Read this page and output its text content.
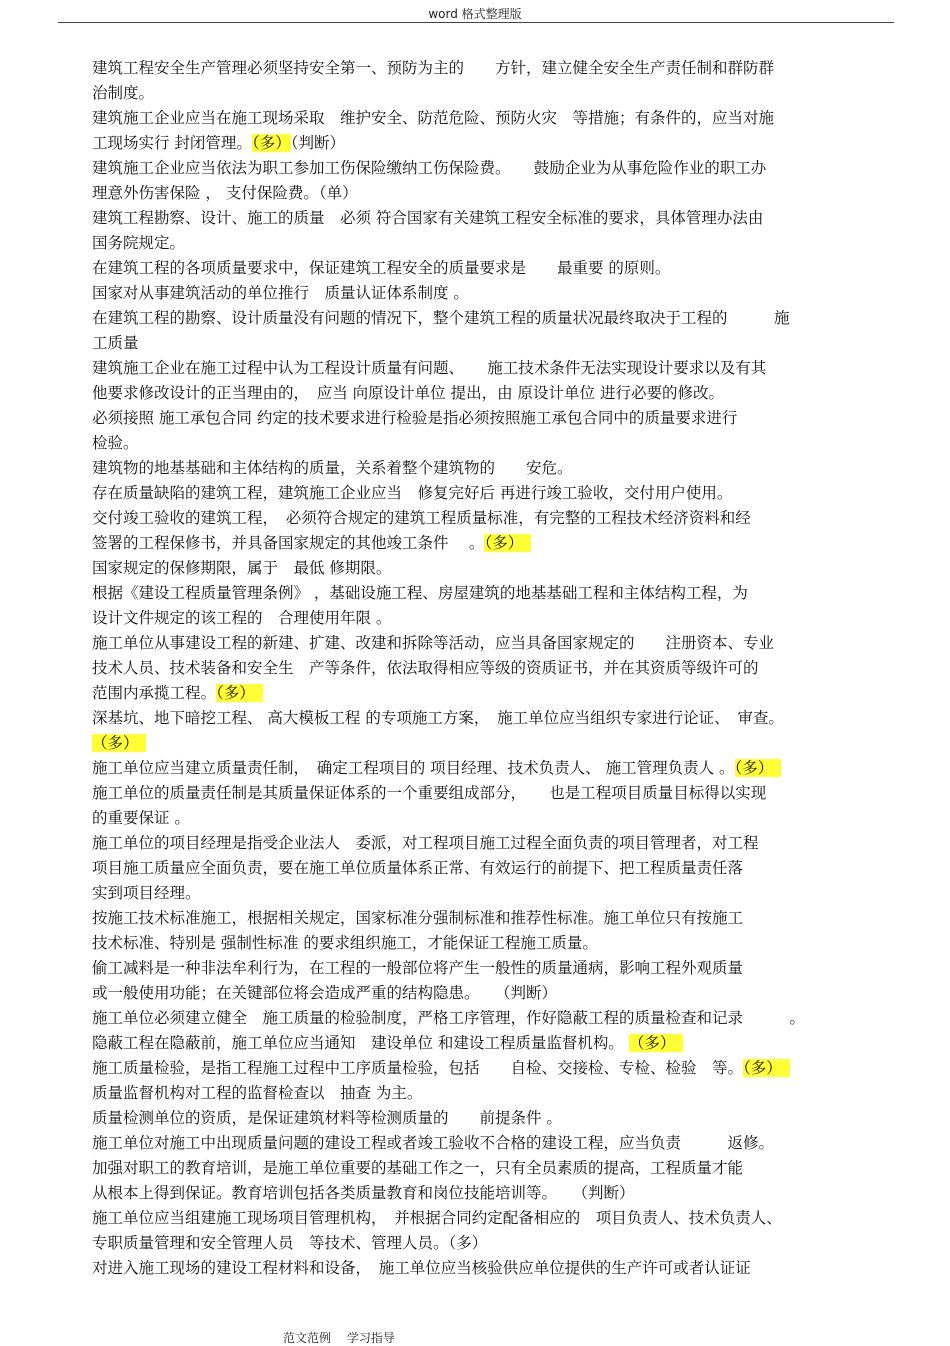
word 格式整理版
建筑工程安全生产管理必须坚持安全第一、预防为主的　　方针，建立健全安全生产责任制和群防群
治制度。
建筑施工企业应当在施工现场采取　维护安全、防范危险、预防火灾　等措施；有条件的，应当对施
工现场实行 封闭管理。（多）（判断）
建筑施工企业应当依法为职工参加工伤保险缴纳工伤保险费。　　鼓励企业为从事危险作业的职工办
理意外伤害保险 ， 支付保险费。（单）
建筑工程勘察、设计、施工的质量　必须 符合国家有关建筑工程安全标准的要求，具体管理办法由
国务院规定。
在建筑工程的各项质量要求中，保证建筑工程安全的质量要求是　　最重要 的原则。
国家对从事建筑活动的单位推行　质量认证体系制度 。
在建筑工程的勘察、设计质量没有问题的情况下，整个建筑工程的质量状况最终取决于工程的　　　施
工质量
建筑施工企业在施工过程中认为工程设计质量有问题、　　施工技术条件无法实现设计要求以及有其
他要求修改设计的正当理由的，　应当 向原设计单位 提出，由 原设计单位 进行必要的修改。
必须接照 施工承包合同 约定的技术要求进行检验是指必须按照施工承包合同中的质量要求进行
检验。
建筑物的地基基础和主体结构的质量，关系着整个建筑物的　　安危。
存在质量缺陷的建筑工程，建筑施工企业应当　修复完好后 再进行竣工验收，交付用户使用。
交付竣工验收的建筑工程，　必须符合规定的建筑工程质量标准，有完整的工程技术经济资料和经
签署的工程保修书，并具备国家规定的其他竣工条件　 。（多）　
国家规定的保修期限，属于　最低 修期限。
根据《建设工程质量管理条例》 ，基础设施工程、房屋建筑的地基基础工程和主体结构工程，为
设计文件规定的该工程的　合理使用年限 。
施工单位从事建设工程的新建、扩建、改建和拆除等活动，应当具备国家规定的　　注册资本、专业
技术人员、技术装备和安全生　产等条件，依法取得相应等级的资质证书，并在其资质等级许可的
范围内承揽工程。（多）　
深基坑、地下暗挖工程、 高大模板工程 的专项施工方案，　施工单位应当组织专家进行论证、　审查。
（多）　
施工单位应当建立质量责任制，　确定工程项目的 项目经理、技术负责人、 施工管理负责人 。（多）　
施工单位的质量责任制是其质量保证体系的一个重要组成部分，　　也是工程项目质量目标得以实现
的重要保证 。
施工单位的项目经理是指受企业法人　委派，对工程项目施工过程全面负责的项目管理者，对工程
项目施工质量应全面负责，要在施工单位质量体系正常、有效运行的前提下、把工程质量责任落
实到项目经理。
按施工技术标准施工，根据相关规定，国家标准分强制标准和推荐性标准。施工单位只有按施工
技术标准、特别是 强制性标准 的要求组织施工，才能保证工程施工质量。
偷工减料是一种非法牟利行为，在工程的一般部位将产生一般性的质量通病，影响工程外观质量
或一般使用功能；在关键部位将会造成严重的结构隐患。　　（判断）
施工单位必须建立健全　施工质量的检验制度，严格工序管理，作好隐蔽工程的质量检查和记录　　　。
隐蔽工程在隐蔽前，施工单位应当通知　建设单位 和建设工程质量监督机构。 （多）　
施工质量检验，是指工程施工过程中工序质量检验，包括　　自检、交接检、专检、检验　等。（多）　
质量监督机构对工程的监督检查以　抽查 为主。
质量检测单位的资质，是保证建筑材料等检测质量的　　前提条件 。
施工单位对施工中出现质量问题的建设工程或者竣工验收不合格的建设工程，应当负责　　　返修。
加强对职工的教育培训，是施工单位重要的基础工作之一，只有全员素质的提高，工程质量才能
从根本上得到保证。教育培训包括各类质量教育和岗位技能培训等。　　（判断）
施工单位应当组建施工现场项目管理机构，　并根据合同约定配备相应的　项目负责人、技术负责人、
专职质量管理和安全管理人员　等技术、管理人员。（多）
对进入施工现场的建设工程材料和设备，　施工单位应当核验供应单位提供的生产许可或者认证证
范文范例　 学习指导
